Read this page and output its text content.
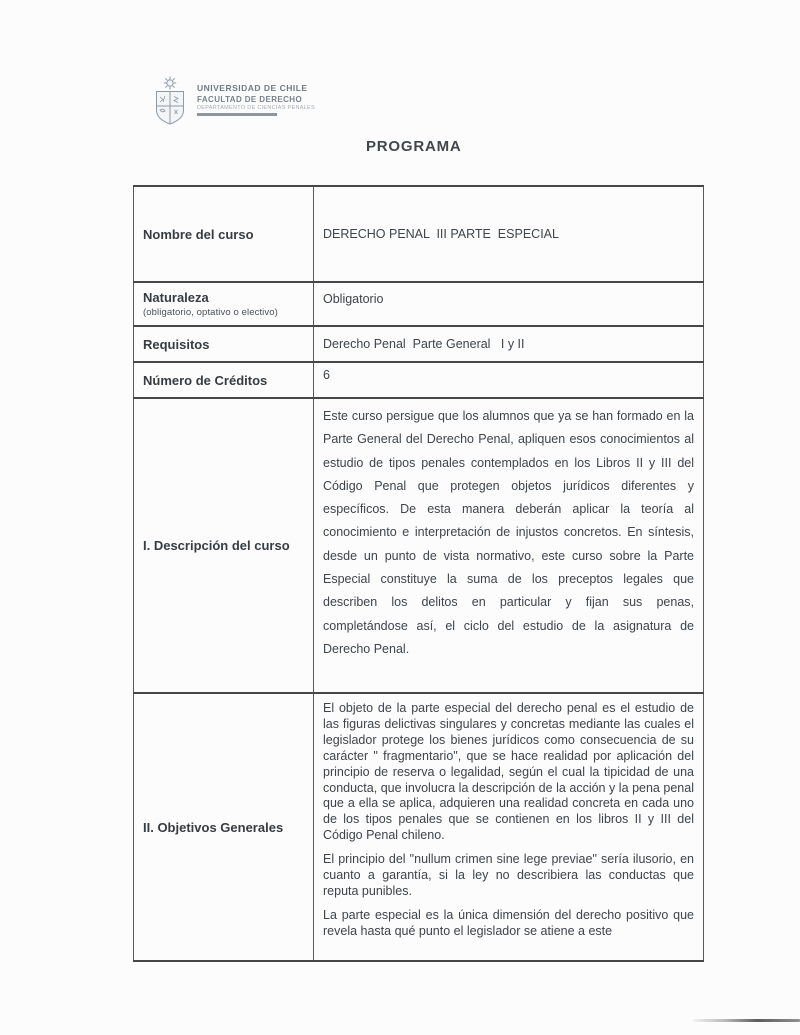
UNIVERSIDAD DE CHILE
FACULTAD DE DERECHO
DEPARTAMENTO DE CIENCIAS PENALES
PROGRAMA
Nombre del curso	DERECHO PENAL  III PARTE  ESPECIAL

Naturaleza
(obligatorio, optativo o electivo)	Obligatorio
Requisitos	Derecho Penal  Parte General   I y II
Número de Créditos	6
I. Descripción del curso	Este curso persigue que los alumnos que ya se han formado en la Parte General del Derecho Penal, apliquen esos conocimientos al estudio de tipos penales contemplados en los Libros II y III del Código Penal que protegen objetos jurídicos diferentes y específicos. De esta manera deberán aplicar la teoría al conocimiento e interpretación de injustos concretos. En síntesis, desde un punto de vista normativo, este curso sobre la Parte Especial constituye la suma de los preceptos legales que describen los delitos en particular y fijan sus penas, completándose así, el ciclo del estudio de la asignatura de Derecho Penal.

II. Objetivos Generales	El objeto de la parte especial del derecho penal es el estudio de las figuras delictivas singulares y concretas mediante las cuales el legislador protege los bienes jurídicos como consecuencia de su carácter " fragmentario", que se hace realidad por aplicación del principio de reserva o legalidad, según el cual la tipicidad de una conducta, que involucra la descripción de la acción y la pena penal que a ella se aplica, adquieren una realidad concreta en cada uno de los tipos penales que se contienen en los libros II y III del Código Penal chileno.

El principio del "nullum crimen sine lege previae" sería ilusorio, en cuanto a garantía, si la ley no describiera las conductas que reputa punibles.

La parte especial es la única dimensión del derecho positivo que revela hasta qué punto el legislador se atiene a este
